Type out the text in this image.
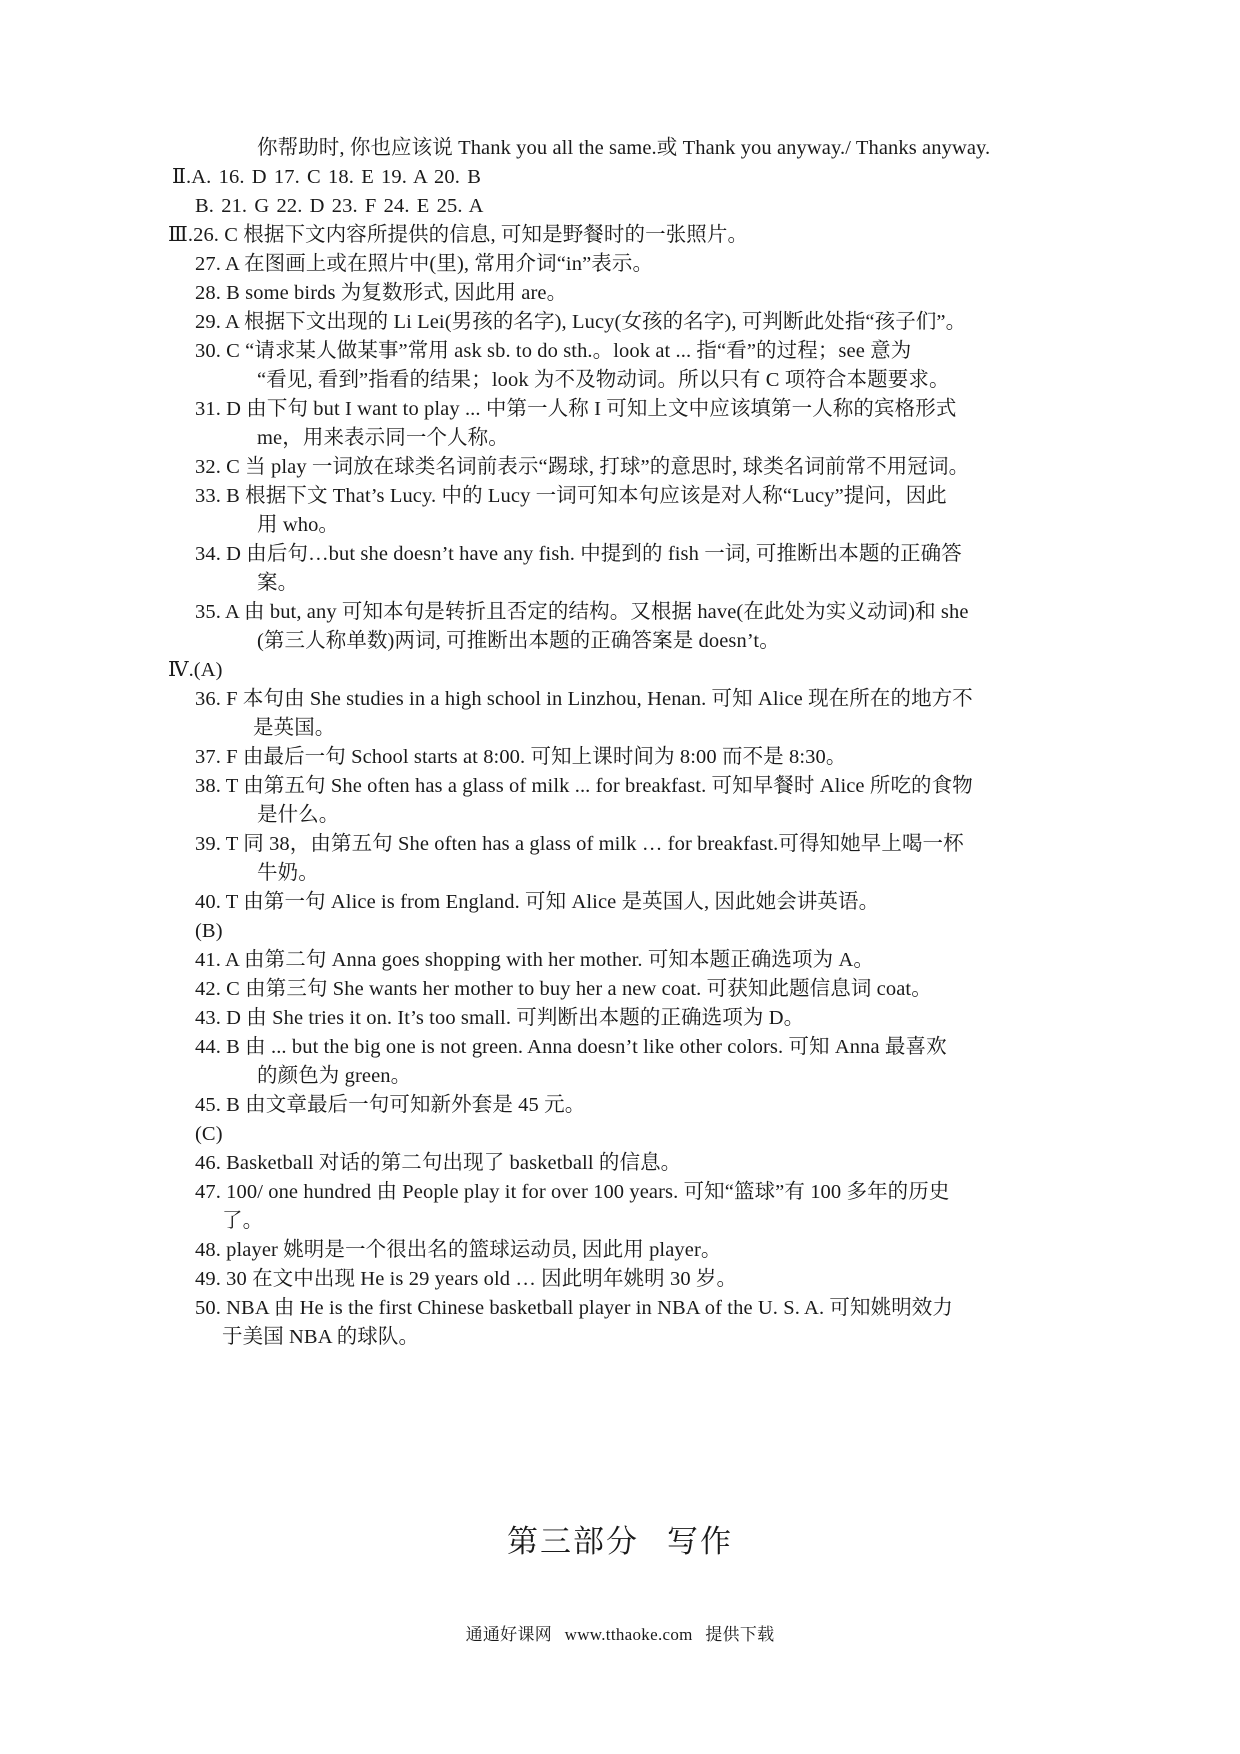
你帮助时, 你也应该说 Thank you all the same.或 Thank you anyway./ Thanks anyway.
Ⅱ.A. 16. D 17. C 18. E 19. A 20. B
B. 21. G 22. D 23. F 24. E 25. A
Ⅲ.26. C 根据下文内容所提供的信息, 可知是野餐时的一张照片。
27. A 在图画上或在照片中(里), 常用介词“in”表示。
28. B some birds 为复数形式, 因此用 are。
29. A 根据下文出现的 Li Lei(男孩的名字), Lucy(女孩的名字), 可判断此处指“孩子们”。
30. C “请求某人做某事”常用 ask sb. to do sth.。look at ... 指“看”的过程；see 意为
“看见, 看到”指看的结果；look 为不及物动词。所以只有 C 项符合本题要求。
31. D 由下句 but I want to play ... 中第一人称 I 可知上文中应该填第一人称的宾格形式
me，用来表示同一个人称。
32. C 当 play 一词放在球类名词前表示“踢球, 打球”的意思时, 球类名词前常不用冠词。
33. B 根据下文 That’s Lucy. 中的 Lucy 一词可知本句应该是对人称“Lucy”提问，因此
用 who。
34. D 由后句…but she doesn’t have any fish. 中提到的 fish 一词, 可推断出本题的正确答
案。
35. A 由 but, any 可知本句是转折且否定的结构。又根据 have(在此处为实义动词)和 she
(第三人称单数)两词, 可推断出本题的正确答案是 doesn’t。
Ⅳ.(A)
36. F 本句由 She studies in a high school in Linzhou, Henan. 可知 Alice 现在所在的地方不
是英国。
37. F 由最后一句 School starts at 8:00. 可知上课时间为 8:00 而不是 8:30。
38. T 由第五句 She often has a glass of milk ... for breakfast. 可知早餐时 Alice 所吃的食物
是什么。
39. T 同 38，由第五句 She often has a glass of milk … for breakfast.可得知她早上喝一杯
牛奶。
40. T 由第一句 Alice is from England. 可知 Alice 是英国人, 因此她会讲英语。
(B)
41. A 由第二句 Anna goes shopping with her mother. 可知本题正确选项为 A。
42. C 由第三句 She wants her mother to buy her a new coat. 可获知此题信息词 coat。
43. D 由 She tries it on. It’s too small. 可判断出本题的正确选项为 D。
44. B 由 ... but the big one is not green. Anna doesn’t like other colors. 可知 Anna 最喜欢
的颜色为 green。
45. B 由文章最后一句可知新外套是 45 元。
(C)
46. Basketball 对话的第二句出现了 basketball 的信息。
47. 100/ one hundred 由 People play it for over 100 years. 可知“篮球”有 100 多年的历史
了。
48. player 姚明是一个很出名的篮球运动员, 因此用 player。
49. 30 在文中出现 He is 29 years old … 因此明年姚明 30 岁。
50. NBA 由 He is the first Chinese basketball player in NBA of the U. S. A. 可知姚明效力
于美国 NBA 的球队。
第三部分 写作
通通好课网 www.tthaoke.com 提供下载
